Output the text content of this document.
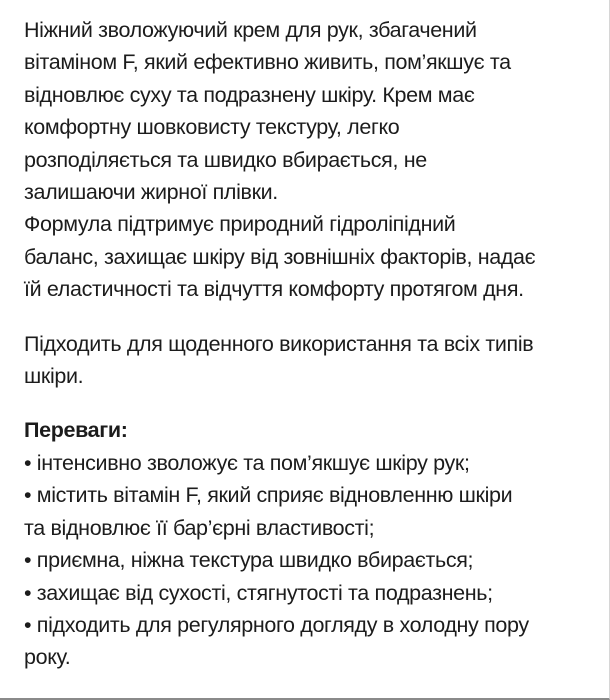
Ніжний зволожуючий крем для рук, збагачений
вітаміном F, який ефективно живить, пом’якшує та
відновлює суху та подразнену шкіру. Крем має
комфортну шовковисту текстуру, легко
розподіляється та швидко вбирається, не
залишаючи жирної плівки.

Формула підтримує природний гідроліпідний
баланс, захищає шкіру від зовнішніх факторів, надає
їй еластичності та відчуття комфорту протягом дня.

Підходить для щоденного використання та всіх типів
шкіри.

Переваги:

• інтенсивно зволожує та пом’якшує шкіру рук;
• містить вітамін F, який сприяє відновленню шкіри
та відновлює її бар’єрні властивості;
• приємна, ніжна текстура швидко вбирається;
• захищає від сухості, стягнутості та подразнень;
• підходить для регулярного догляду в холодну пору
року.
